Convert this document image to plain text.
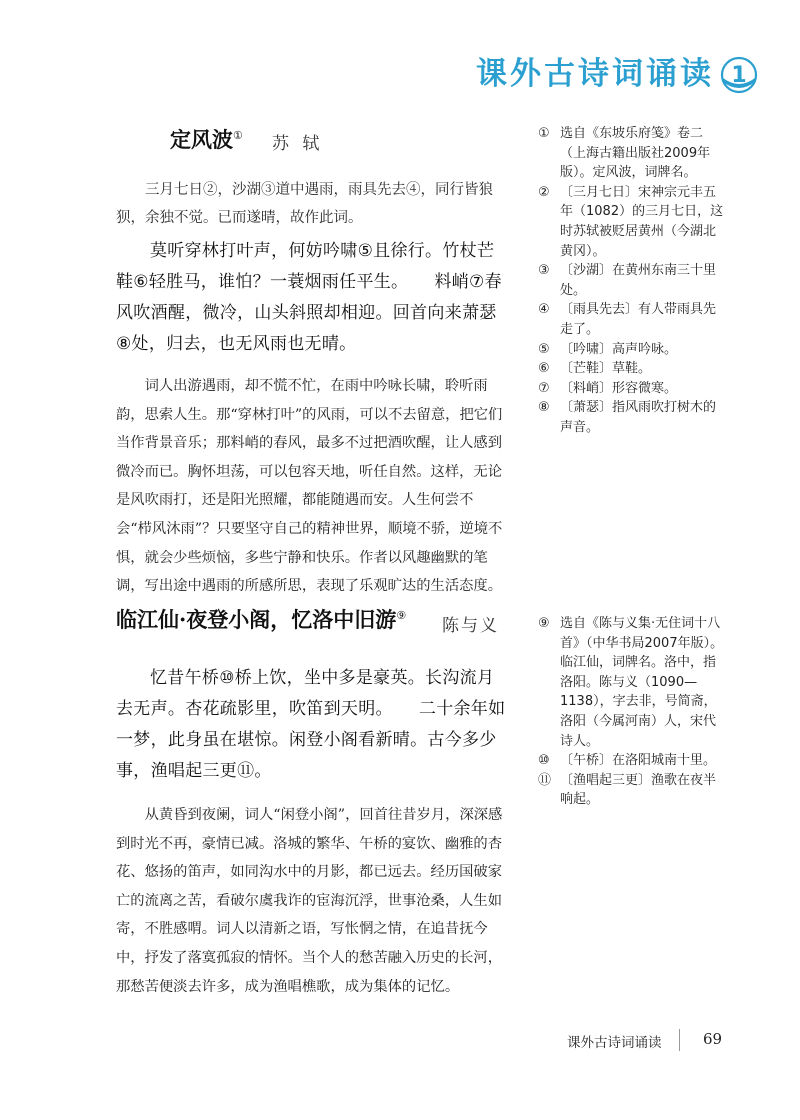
课外古诗词诵读 1
定风波① 苏 轼

三月七日②，沙湖③道中遇雨，雨具先去④，同行皆狼狈，余独不觉。已而遂晴，故作此词。

莫听穿林打叶声，何妨吟啸⑤且徐行。竹杖芒鞋⑥轻胜马，谁怕？一蓑烟雨任平生。　　料峭⑦春风吹酒醒，微冷，山头斜照却相迎。回首向来萧瑟⑧处，归去，也无风雨也无晴。

词人出游遇雨，却不慌不忙，在雨中吟咏长啸，聆听雨韵，思索人生。那“穿林打叶”的风雨，可以不去留意，把它们当作背景音乐；那料峭的春风，最多不过把酒吹醒，让人感到微冷而已。胸怀坦荡，可以包容天地，听任自然。这样，无论是风吹雨打，还是阳光照耀，都能随遇而安。人生何尝不会“栉风沐雨”？只要坚守自己的精神世界，顺境不骄，逆境不惧，就会少些烦恼，多些宁静和快乐。作者以风趣幽默的笔调，写出途中遇雨的所感所思，表现了乐观旷达的生活态度。

① 选自《东坡乐府笺》卷二（上海古籍出版社2009年版）。定风波，词牌名。
② 〔三月七日〕宋神宗元丰五年（1082）的三月七日，这时苏轼被贬居黄州（今湖北黄冈）。
③ 〔沙湖〕在黄州东南三十里处。
④ 〔雨具先去〕有人带雨具先走了。
⑤ 〔吟啸〕高声吟咏。
⑥ 〔芒鞋〕草鞋。
⑦ 〔料峭〕形容微寒。
⑧ 〔萧瑟〕指风雨吹打树木的声音。
临江仙·夜登小阁，忆洛中旧游⑨
陈与义

忆昔午桥⑩桥上饮，坐中多是豪英。长沟流月去无声。杏花疏影里，吹笛到天明。　　二十余年如一梦，此身虽在堪惊。闲登小阁看新晴。古今多少事，渔唱起三更⑪。

从黄昏到夜阑，词人“闲登小阁”，回首往昔岁月，深深感到时光不再，豪情已减。洛城的繁华、午桥的宴饮、幽雅的杏花、悠扬的笛声，如同沟水中的月影，都已远去。经历国破家亡的流离之苦，看破尔虞我诈的宦海沉浮，世事沧桑，人生如寄，不胜感喟。词人以清新之语，写怅惘之情，在追昔抚今中，抒发了落寞孤寂的情怀。当个人的愁苦融入历史的长河，那愁苦便淡去许多，成为渔唱樵歌，成为集体的记忆。

⑨ 选自《陈与义集·无住词十八首》（中华书局2007年版）。临江仙，词牌名。洛中，指洛阳。陈与义（1090—1138），字去非，号简斋，洛阳（今属河南）人，宋代诗人。
⑩ 〔午桥〕在洛阳城南十里。
⑪ 〔渔唱起三更〕渔歌在夜半响起。
课外古诗词诵读	69
